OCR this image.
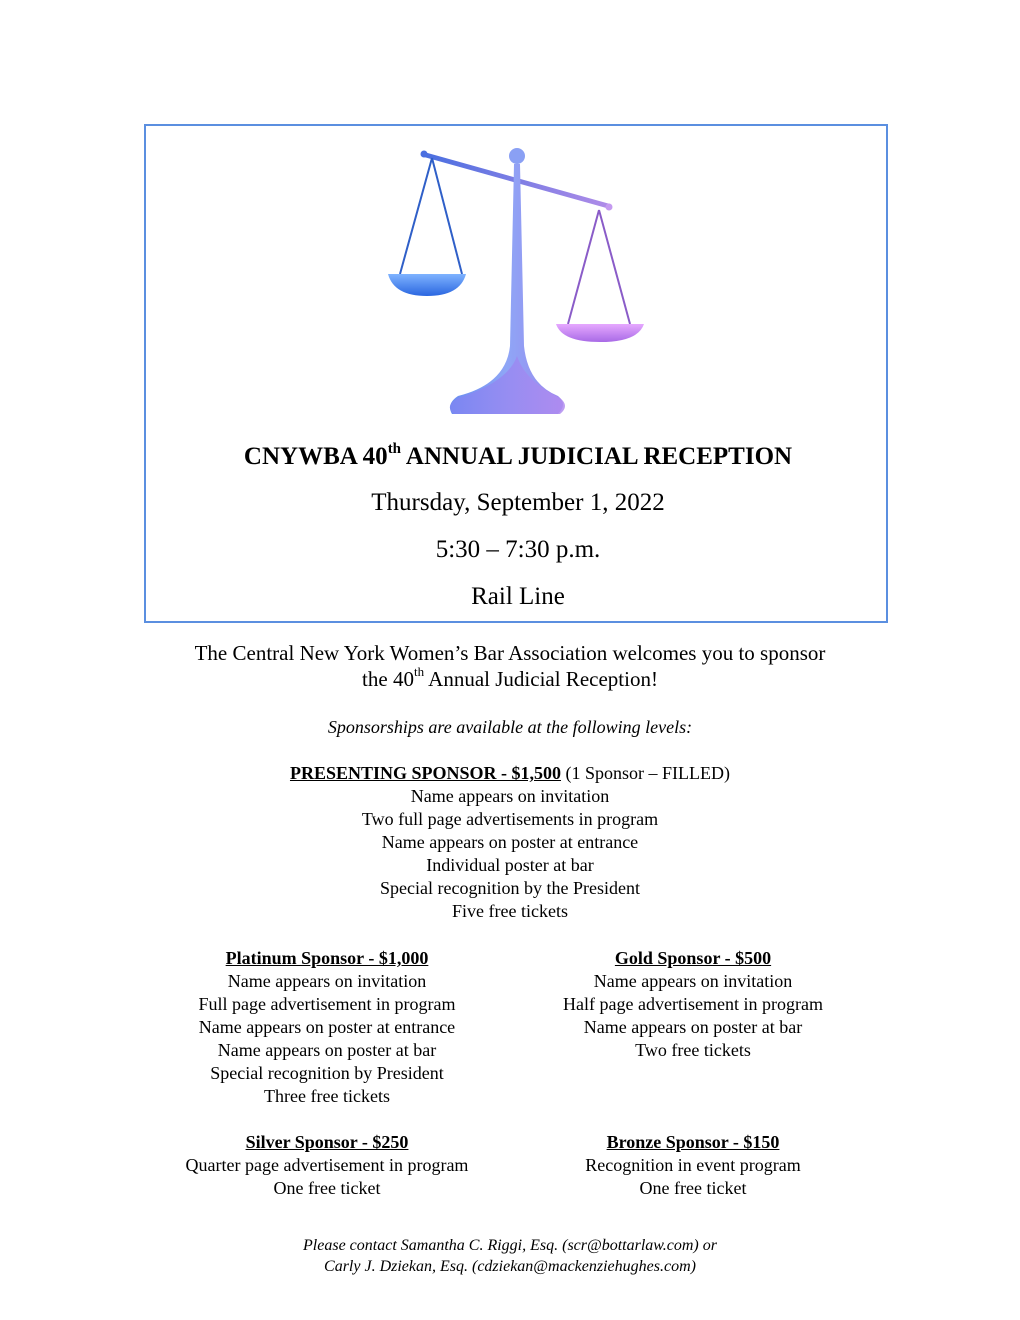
CNYWBA 40th ANNUAL JUDICIAL RECEPTION
Thursday, September 1, 2022
5:30 – 7:30 p.m.
Rail Line
The Central New York Women’s Bar Association welcomes you to sponsor
the 40th Annual Judicial Reception!
Sponsorships are available at the following levels:
PRESENTING SPONSOR - $1,500 (1 Sponsor – FILLED)
Name appears on invitation
Two full page advertisements in program
Name appears on poster at entrance
Individual poster at bar
Special recognition by the President
Five free tickets
Platinum Sponsor - $1,000
Name appears on invitation
Full page advertisement in program
Name appears on poster at entrance
Name appears on poster at bar
Special recognition by President
Three free tickets
Gold Sponsor - $500
Name appears on invitation
Half page advertisement in program
Name appears on poster at bar
Two free tickets
Silver Sponsor - $250
Quarter page advertisement in program
One free ticket
Bronze Sponsor - $150
Recognition in event program
One free ticket
Please contact Samantha C. Riggi, Esq. (scr@bottarlaw.com) or
Carly J. Dziekan, Esq. (cdziekan@mackenziehughes.com)
